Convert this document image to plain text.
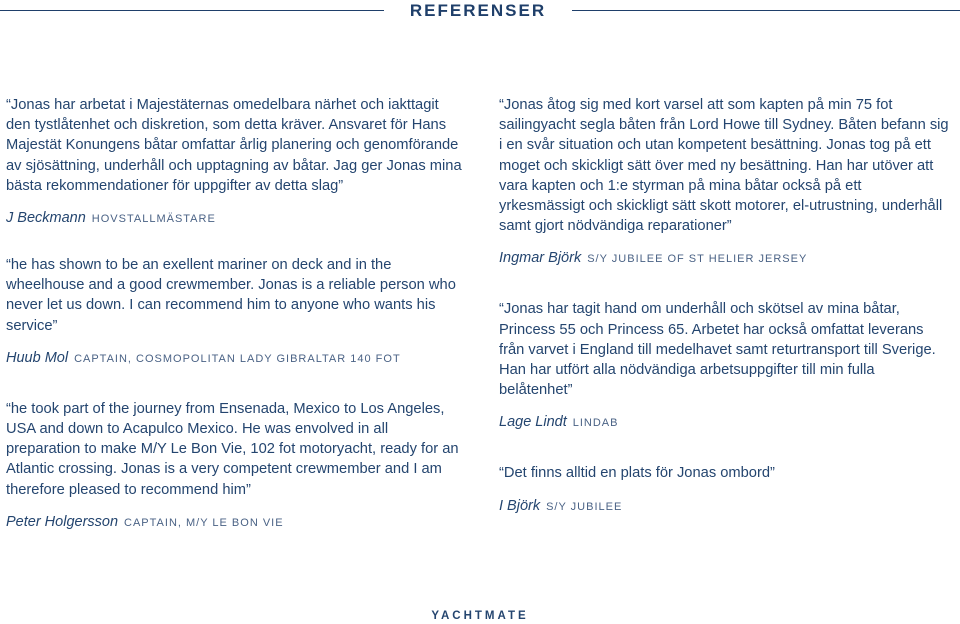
REFERENSER

“Jonas har arbetat i Majestäternas omedelbara närhet och iakttagit den tystlåtenhet och diskretion, som detta kräver. Ansvaret för Hans Majestät Konungens båtar omfattar årlig planering och genomförande av sjösättning, underhåll och upptagning av båtar. Jag ger Jonas mina bästa rekommendationer för uppgifter av detta slag”

J Beckmann HOVSTALLMÄSTARE

“he has shown to be an exellent mariner on deck and in the wheelhouse and a good crewmember. Jonas is a reliable person who never let us down. I can recommend him to anyone who wants his service”

Huub Mol CAPTAIN, COSMOPOLITAN LADY GIBRALTAR 140 FOT

“he took part of the journey from Ensenada, Mexico to Los Angeles, USA and down to Acapulco Mexico. He was envolved in all preparation to make M/Y Le Bon Vie, 102 fot motoryacht, ready for an Atlantic crossing. Jonas is a very competent crewmember and I am therefore pleased to recommend him”

Peter Holgersson CAPTAIN, M/Y LE BON VIE

“Jonas åtog sig med kort varsel att som kapten på min 75 fot sailingyacht segla båten från Lord Howe till Sydney. Båten befann sig i en svår situation och utan kompetent besättning. Jonas tog på ett moget och skickligt sätt över med ny besättning. Han har utöver att vara kapten och 1:e styrman på mina båtar också på ett yrkesmässigt och skickligt sätt skott motorer, el-utrustning, underhåll samt gjort nödvändiga reparationer”

Ingmar Björk S/Y JUBILEE OF ST HELIER JERSEY

“Jonas har tagit hand om underhåll och skötsel av mina båtar, Princess 55 och Princess 65. Arbetet har också omfattat leverans från varvet i England till medelhavet samt returtransport till Sverige. Han har utfört alla nödvändiga arbetsuppgifter till min fulla belåtenhet”

Lage Lindt LINDAB

“Det finns alltid en plats för Jonas ombord”

I Björk S/Y JUBILEE
YACHTMATE
